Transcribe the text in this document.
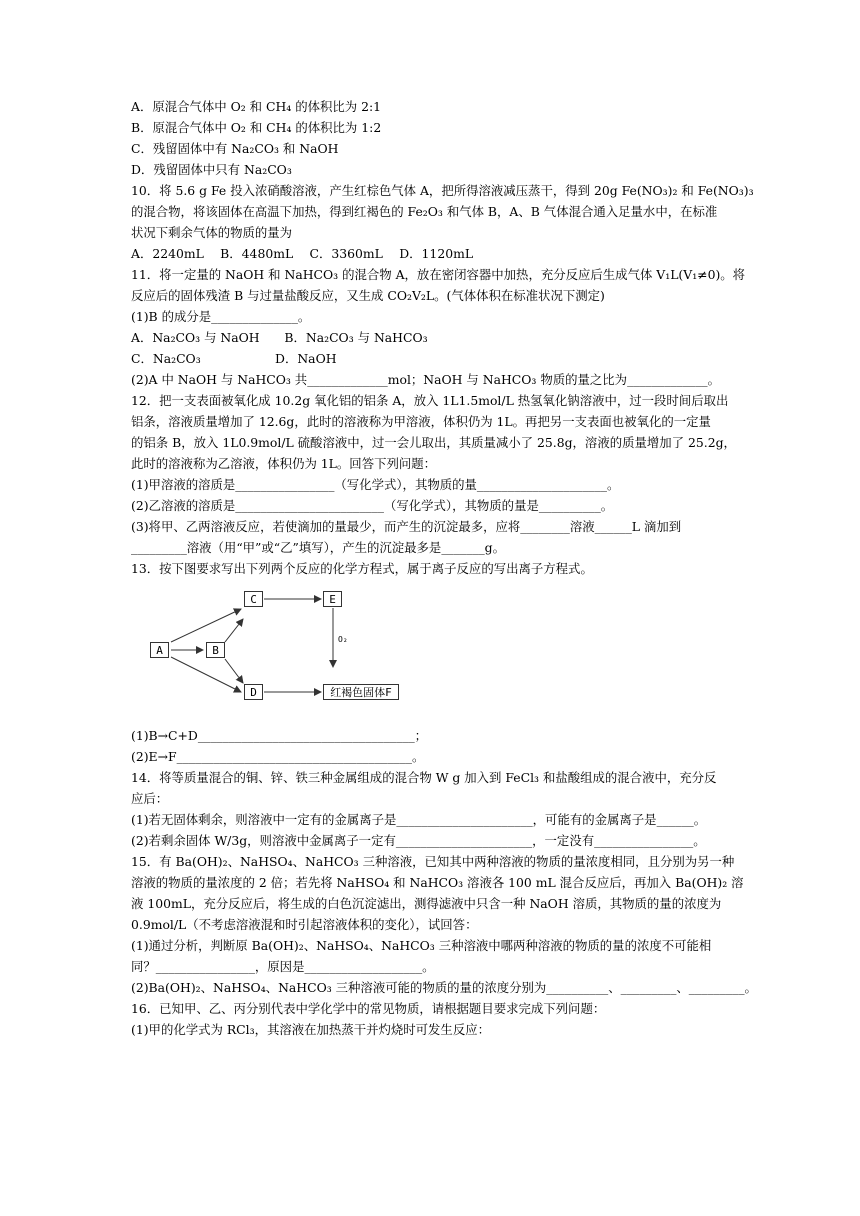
A．原混合气体中 O₂ 和 CH₄ 的体积比为 2:1
B．原混合气体中 O₂ 和 CH₄ 的体积比为 1:2
C．残留固体中有 Na₂CO₃ 和 NaOH
D．残留固体中只有 Na₂CO₃
10．将 5.6 g Fe 投入浓硝酸溶液，产生红棕色气体 A，把所得溶液减压蒸干，得到 20g Fe(NO₃)₂ 和 Fe(NO₃)₃
的混合物，将该固体在高温下加热，得到红褐色的 Fe₂O₃ 和气体 B，A、B 气体混合通入足量水中，在标准
状况下剩余气体的物质的量为
A．2240mL　 B．4480mL　 C．3360mL　 D．1120mL
11．将一定量的 NaOH 和 NaHCO₃ 的混合物 A，放在密闭容器中加热，充分反应后生成气体 V₁L(V₁≠0)。将
反应后的固体残渣 B 与过量盐酸反应，又生成 CO₂V₂L。(气体体积在标准状况下测定)
(1)B 的成分是______________。
A．Na₂CO₃ 与 NaOH　　B．Na₂CO₃ 与 NaHCO₃
C．Na₂CO₃　　　　　　D．NaOH
(2)A 中 NaOH 与 NaHCO₃ 共_____________mol；NaOH 与 NaHCO₃ 物质的量之比为_____________。
12．把一支表面被氧化成 10.2g 氧化铝的铝条 A，放入 1L1.5mol/L 热氢氧化钠溶液中，过一段时间后取出
铝条，溶液质量增加了 12.6g，此时的溶液称为甲溶液，体积仍为 1L。再把另一支表面也被氧化的一定量
的铝条 B，放入 1L0.9mol/L 硫酸溶液中，过一会儿取出，其质量减小了 25.8g，溶液的质量增加了 25.2g，
此时的溶液称为乙溶液，体积仍为 1L。回答下列问题：
(1)甲溶液的溶质是________________（写化学式），其物质的量_____________________。
(2)乙溶液的溶质是________________________（写化学式），其物质的量是__________。
(3)将甲、乙两溶液反应，若使滴加的量最少，而产生的沉淀最多，应将________溶液______L 滴加到
_________溶液（用“甲”或“乙”填写），产生的沉淀最多是_______g。
13．按下图要求写出下列两个反应的化学方程式，属于离子反应的写出离子方程式。
A	B
C
D
E
红褐色固体F
O₂
(1)B→C+D___________________________________；
(2)E→F______________________________________。
14．将等质量混合的铜、锌、铁三种金属组成的混合物 W g 加入到 FeCl₃ 和盐酸组成的混合液中，充分反
应后：
(1)若无固体剩余，则溶液中一定有的金属离子是______________________，可能有的金属离子是______。
(2)若剩余固体 W/3g，则溶液中金属离子一定有______________________，一定没有________________。
15．有 Ba(OH)₂、NaHSO₄、NaHCO₃ 三种溶液，已知其中两种溶液的物质的量浓度相同，且分别为另一种
溶液的物质的量浓度的 2 倍；若先将 NaHSO₄ 和 NaHCO₃ 溶液各 100 mL 混合反应后，再加入 Ba(OH)₂ 溶
液 100mL，充分反应后，将生成的白色沉淀滤出，测得滤液中只含一种 NaOH 溶质，其物质的量的浓度为
0.9mol/L（不考虑溶液混和时引起溶液体积的变化），试回答：
(1)通过分析，判断原 Ba(OH)₂、NaHSO₄、NaHCO₃ 三种溶液中哪两种溶液的物质的量的浓度不可能相
同？________________，原因是___________________。
(2)Ba(OH)₂、NaHSO₄、NaHCO₃ 三种溶液可能的物质的量的浓度分别为__________、_________、_________。
16．已知甲、乙、丙分别代表中学化学中的常见物质，请根据题目要求完成下列问题：
(1)甲的化学式为 RCl₃，其溶液在加热蒸干并灼烧时可发生反应：
